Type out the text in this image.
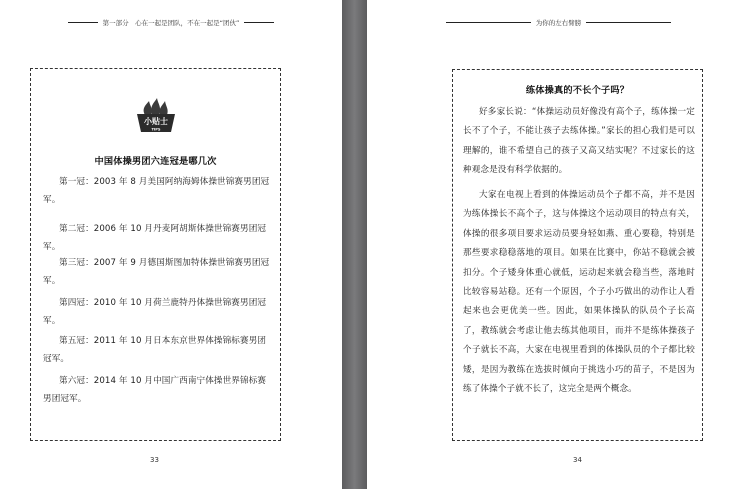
第一部分　心在一起是团队，不在一起是“团伙”
小贴士
TIPS
中国体操男团六连冠是哪几次
第一冠：2003 年 8 月美国阿纳海姆体操世锦赛男团冠军。
第二冠：2006 年 10 月丹麦阿胡斯体操世锦赛男团冠军。
第三冠：2007 年 9 月德国斯图加特体操世锦赛男团冠军。
第四冠：2010 年 10 月荷兰鹿特丹体操世锦赛男团冠军。
第五冠：2011 年 10 月日本东京世界体操锦标赛男团冠军。
第六冠：2014 年 10 月中国广西南宁体操世界锦标赛男团冠军。
33
为你的左右臂膀
练体操真的不长个子吗？
好多家长说：“体操运动员好像没有高个子，练体操一定长不了个子，不能让孩子去练体操。”家长的担心我们是可以理解的，谁不希望自己的孩子又高又结实呢？不过家长的这种观念是没有科学依据的。
大家在电视上看到的体操运动员个子都不高，并不是因为练体操长不高个子，这与体操这个运动项目的特点有关，体操的很多项目要求运动员要身轻如燕、重心要稳，特别是那些要求稳稳落地的项目。如果在比赛中，你站不稳就会被扣分。个子矮身体重心就低，运动起来就会稳当些，落地时比较容易站稳。还有一个原因，个子小巧做出的动作让人看起来也会更优美一些。因此，如果体操队的队员个子长高了，教练就会考虑让他去练其他项目，而并不是练体操孩子个子就长不高，大家在电视里看到的体操队员的个子都比较矮，是因为教练在选拔时倾向于挑选小巧的苗子，不是因为练了体操个子就不长了，这完全是两个概念。
34
